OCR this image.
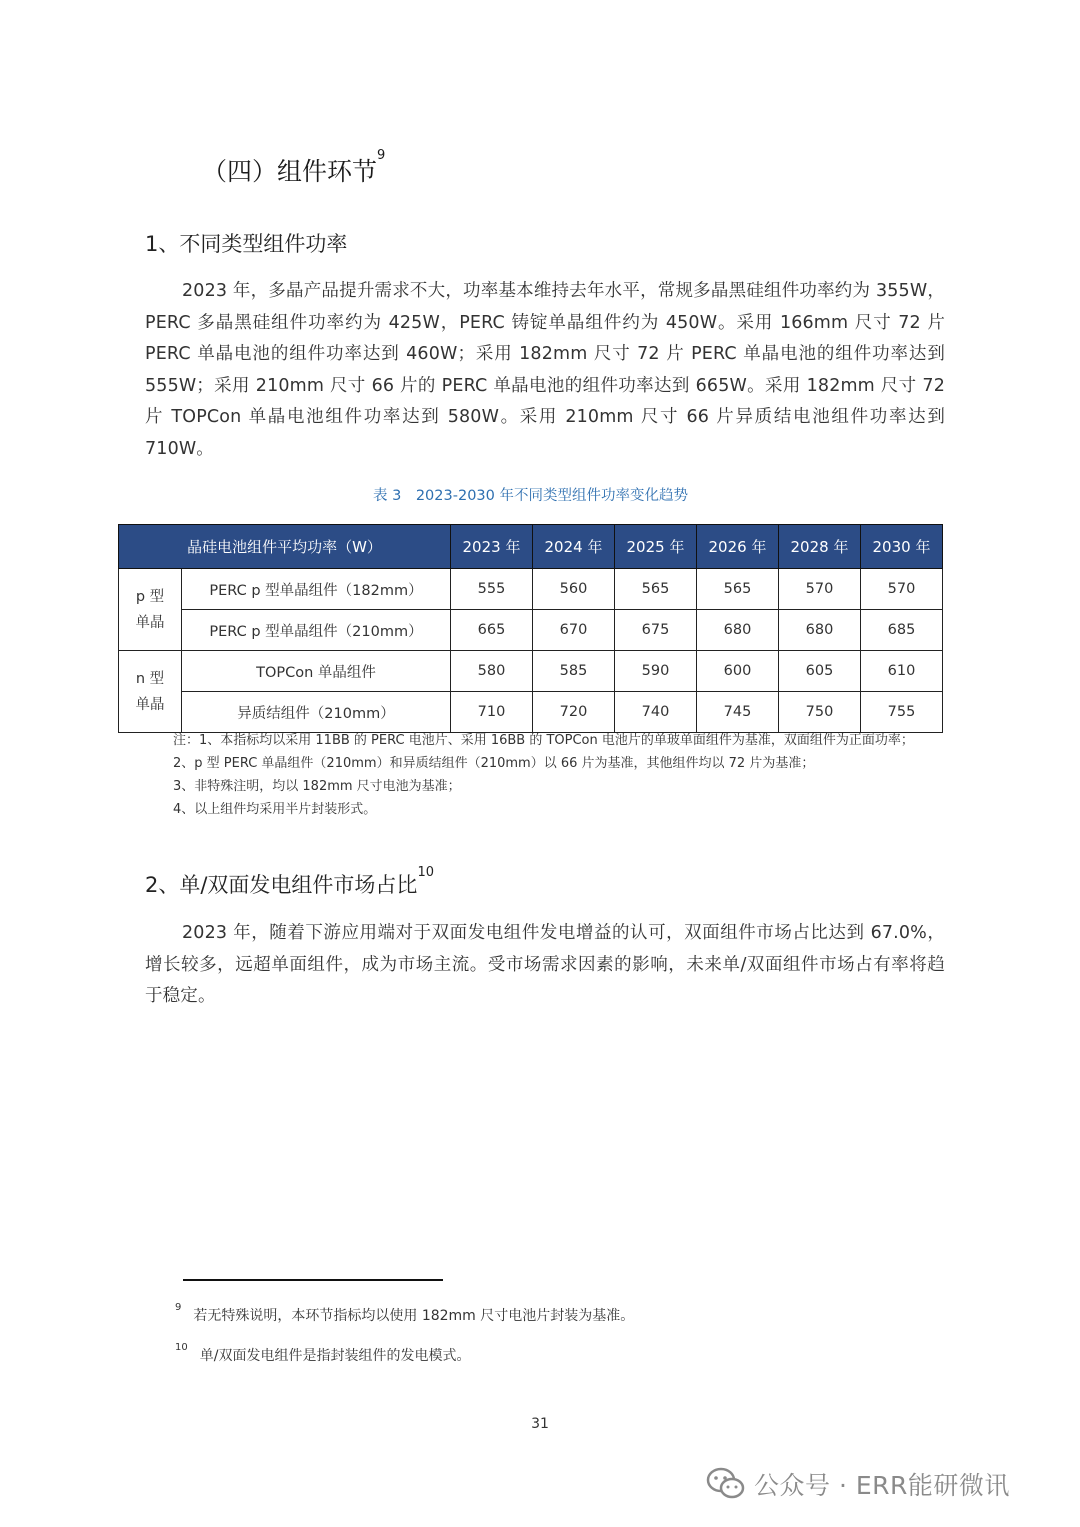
（四）组件环节$^9$
1、不同类型组件功率

2023 年，多晶产品提升需求不大，功率基本维持去年水平，常规多晶黑硅组件功率约为 355W，PERC 多晶黑硅组件功率约为 425W，PERC 铸锭单晶组件约为 450W。采用 166mm 尺寸 72 片 PERC 单晶电池的组件功率达到 460W；采用 182mm 尺寸 72 片 PERC 单晶电池的组件功率达到 555W；采用 210mm 尺寸 66 片的 PERC 单晶电池的组件功率达到 665W。采用 182mm 尺寸 72 片 TOPCon 单晶电池组件功率达到 580W。采用 210mm 尺寸 66 片异质结电池组件功率达到 710W。

表 3　2023-2030 年不同类型组件功率变化趋势
晶硅电池组件平均功率（W）		2023 年	2024 年	2025 年	2026 年	2028 年	2030 年
p 型
单晶	PERC p 型单晶组件（182mm）	555	560	565	565	570	570
	PERC p 型单晶组件（210mm）	665	670	675	680	680	685
n 型
单晶	TOPCon 单晶组件	580	585	590	600	605	610
	异质结组件（210mm）	710	720	740	745	750	755

注：1、本指标均以采用 11BB 的 PERC 电池片、采用 16BB 的 TOPCon 电池片的单玻单面组件为基准，双面组件为正面功率；

2、p 型 PERC 单晶组件（210mm）和异质结组件（210mm）以 66 片为基准，其他组件均以 72 片为基准；

3、非特殊注明，均以 182mm 尺寸电池为基准；

4、以上组件均采用半片封装形式。

2、单/双面发电组件市场占比$^{10}$

2023 年，随着下游应用端对于双面发电组件发电增益的认可，双面组件市场占比达到 67.0%，增长较多，远超单面组件，成为市场主流。受市场需求因素的影响，未来单/双面组件市场占有率将趋于稳定。

$^9$若无特殊说明，本环节指标均以使用 182mm 尺寸电池片封装为基准。
$^{10}$单/双面发电组件是指封装组件的发电模式。
31
公众号 · ERR能研微讯
